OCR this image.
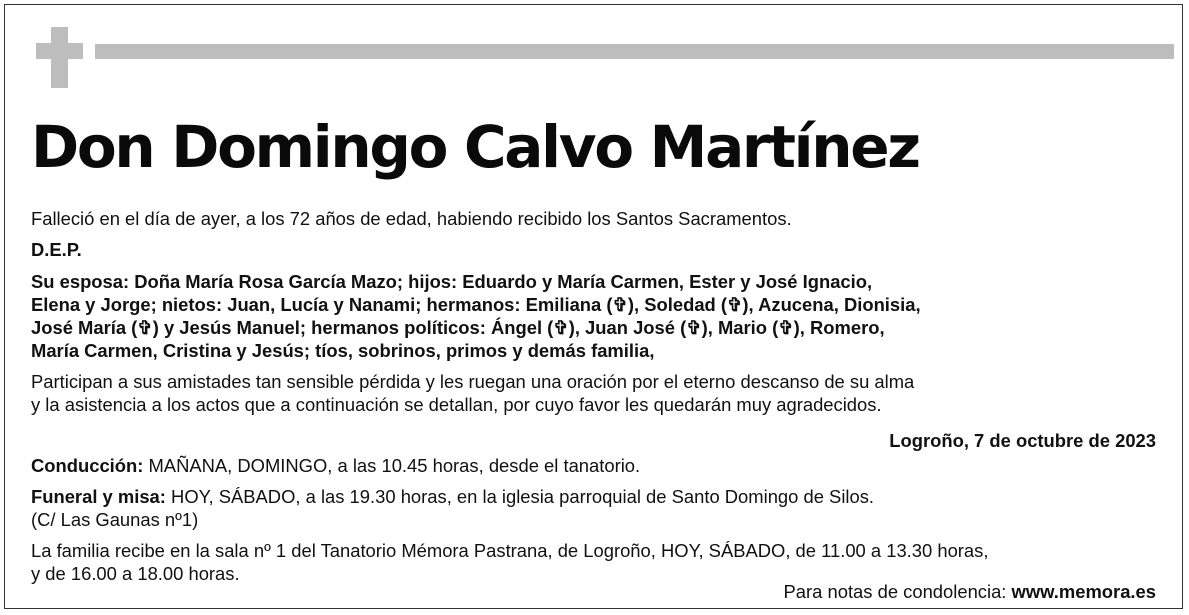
Don Domingo Calvo Martínez
Falleció en el día de ayer, a los 72 años de edad, habiendo recibido los Santos Sacramentos.
D.E.P.
Su esposa: Doña María Rosa García Mazo; hijos: Eduardo y María Carmen, Ester y José Ignacio,
Elena y Jorge; nietos: Juan, Lucía y Nanami; hermanos: Emiliana (✞), Soledad (✞), Azucena, Dionisia,
José María (✞) y Jesús Manuel; hermanos políticos: Ángel (✞), Juan José (✞), Mario (✞), Romero,
María Carmen, Cristina y Jesús; tíos, sobrinos, primos y demás familia,
Participan a sus amistades tan sensible pérdida y les ruegan una oración por el eterno descanso de su alma
y la asistencia a los actos que a continuación se detallan, por cuyo favor les quedarán muy agradecidos.
Logroño, 7 de octubre de 2023
Conducción: MAÑANA, DOMINGO, a las 10.45 horas, desde el tanatorio.
Funeral y misa: HOY, SÁBADO, a las 19.30 horas, en la iglesia parroquial de Santo Domingo de Silos.
(C/ Las Gaunas nº1)
La familia recibe en la sala nº 1 del Tanatorio Mémora Pastrana, de Logroño, HOY, SÁBADO, de 11.00 a 13.30 horas,
y de 16.00 a 18.00 horas.
Para notas de condolencia: www.memora.es
